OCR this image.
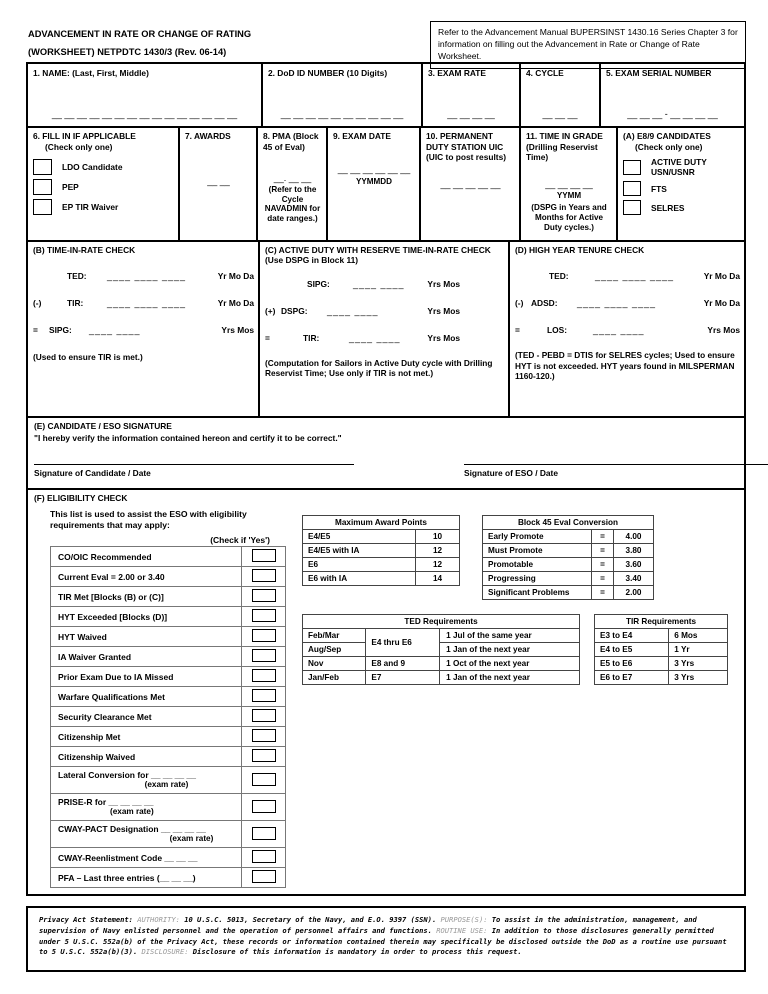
ADVANCEMENT IN RATE OR CHANGE OF RATING
(WORKSHEET) NETPDTC 1430/3 (Rev. 06-14)
Refer to the Advancement Manual BUPERSINST 1430.16 Series Chapter 3 for information on filling out the Advancement in Rate or Change of Rate Worksheet.
1. NAME: (Last, First, Middle)
__ __ __ __ __ __ __ __ __ __ __ __ __ __ __
2. DoD ID NUMBER (10 Digits)
__ __ __ __ __ __ __ __ __ __
3. EXAM RATE
__ __ __ __
4. CYCLE
__ __ __
5. EXAM SERIAL NUMBER
__ __ __ - __ __ __ __
6. FILL IN IF APPLICABLE
(Check only one)
LDO Candidate
PEP
EP TIR Waiver
7. AWARDS
__ __
8. PMA (Block 45 of Eval)
__. __ __
(Refer to the Cycle NAVADMIN for date ranges.)
9. EXAM DATE
__ __ __ __ __ __
YYMMDD
10. PERMANENT DUTY STATION UIC
(UIC to post results)
__ __ __ __ __
11. TIME IN GRADE (Drilling Reservist Time)
__ __ __ __
YYMM
(DSPG in Years and Months for Active Duty cycles.)
(A) E8/9 CANDIDATES
(Check only one)
ACTIVE DUTY USN/USNR
FTS
SELRES
(B) TIME-IN-RATE CHECK
TED:	____ ____ ____	Yr Mo Da
(-)	TIR:	____ ____ ____	Yr Mo Da
=	SIPG:	____ ____	Yrs Mos
(Used to ensure TIR is met.)
(C) ACTIVE DUTY WITH RESERVE TIME-IN-RATE CHECK (Use DSPG in Block 11)
SIPG:	____ ____	Yrs Mos
(+) DSPG:	____ ____	Yrs Mos
=	TIR:	____ ____	Yrs Mos
(Computation for Sailors in Active Duty cycle with Drilling Reservist Time; Use only if TIR is not met.)
(D) HIGH YEAR TENURE CHECK
TED:	____ ____ ____	Yr Mo Da
(-) ADSD:	____ ____ ____	Yr Mo Da
=	LOS:	____ ____	Yrs Mos
(TED - PEBD = DTIS for SELRES cycles; Used to ensure HYT is not exceeded. HYT years found in MILSPERMAN 1160-120.)
(E) CANDIDATE / ESO SIGNATURE
"I hereby verify the information contained hereon and certify it to be correct."
Signature of Candidate / Date	Signature of ESO / Date
(F) ELIGIBILITY CHECK
This list is used to assist the ESO with eligibility requirements that may apply:
(Check if 'Yes')
CO/OIC Recommended	
Current Eval = 2.00 or 3.40	
TIR Met [Blocks (B) or (C)]	
HYT Exceeded [Blocks (D)]	
HYT Waived	
IA Waiver Granted	
Prior Exam Due to IA Missed	
Warfare Qualifications Met	
Security Clearance Met	
Citizenship Met	
Citizenship Waived	
Lateral Conversion for __ __ __ __
(exam rate)	

PRISE-R for __ __ __ __
(exam rate)	

CWAY-PACT Designation __ __ __ __
(exam rate)	

CWAY-Reenlistment Code __ __ __	
PFA – Last three entries (__ __ __)	
Maximum Award Points	
E4/E5	10
E4/E5 with IA	12
E6	12
E6 with IA	14
Block 45 Eval Conversion		
Early Promote	=	4.00
Must Promote	=	3.80
Promotable	=	3.60
Progressing	=	3.40
Significant Problems	=	2.00
TED Requirements		
Feb/Mar	E4 thru E6	1 Jul of the same year
Aug/Sep		1 Jan of the next year
Nov	E8 and 9	1 Oct of the next year
Jan/Feb	E7	1 Jan of the next year
TIR Requirements	
E3 to E4	6 Mos
E4 to E5	1 Yr
E5 to E6	3 Yrs
E6 to E7	3 Yrs
Privacy Act Statement: AUTHORITY: 10 U.S.C. 5013, Secretary of the Navy, and E.O. 9397 (SSN). PURPOSE(S): To assist in the administration, management, and supervision of Navy enlisted personnel and the operation of personnel affairs and functions. ROUTINE USE: In addition to those disclosures generally permitted under 5 U.S.C. 552a(b) of the Privacy Act, these records or information contained therein may specifically be disclosed outside the DoD as a routine use pursuant to 5 U.S.C. 552a(b)(3). DISCLOSURE: Disclosure of this information is mandatory in order to process this request.
